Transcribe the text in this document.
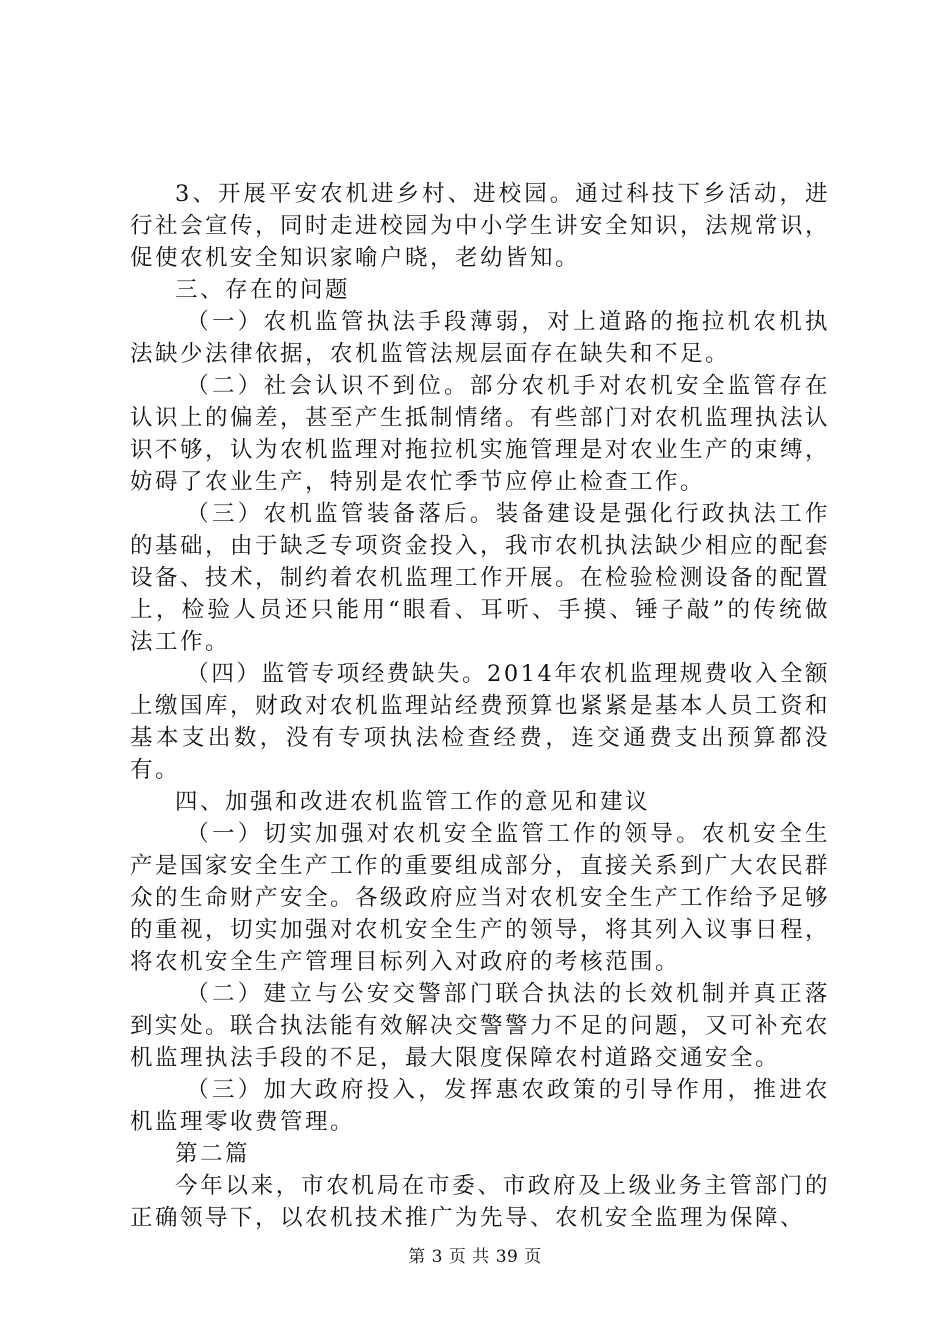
3、开展平安农机进乡村、进校园。通过科技下乡活动，进行社会宣传，同时走进校园为中小学生讲安全知识，法规常识，促使农机安全知识家喻户晓，老幼皆知。

三、存在的问题

（一）农机监管执法手段薄弱，对上道路的拖拉机农机执法缺少法律依据，农机监管法规层面存在缺失和不足。

（二）社会认识不到位。部分农机手对农机安全监管存在认识上的偏差，甚至产生抵制情绪。有些部门对农机监理执法认识不够，认为农机监理对拖拉机实施管理是对农业生产的束缚，妨碍了农业生产，特别是农忙季节应停止检查工作。

（三）农机监管装备落后。装备建设是强化行政执法工作的基础，由于缺乏专项资金投入，我市农机执法缺少相应的配套设备、技术，制约着农机监理工作开展。在检验检测设备的配置上，检验人员还只能用“眼看、耳听、手摸、锤子敲”的传统做法工作。

（四）监管专项经费缺失。2014年农机监理规费收入全额上缴国库，财政对农机监理站经费预算也紧紧是基本人员工资和基本支出数，没有专项执法检查经费，连交通费支出预算都没有。

四、加强和改进农机监管工作的意见和建议

（一）切实加强对农机安全监管工作的领导。农机安全生产是国家安全生产工作的重要组成部分，直接关系到广大农民群众的生命财产安全。各级政府应当对农机安全生产工作给予足够的重视，切实加强对农机安全生产的领导，将其列入议事日程，将农机安全生产管理目标列入对政府的考核范围。

（二）建立与公安交警部门联合执法的长效机制并真正落到实处。联合执法能有效解决交警警力不足的问题，又可补充农机监理执法手段的不足，最大限度保障农村道路交通安全。

（三）加大政府投入，发挥惠农政策的引导作用，推进农机监理零收费管理。

第二篇

今年以来，市农机局在市委、市政府及上级业务主管部门的正确领导下，以农机技术推广为先导、农机安全监理为保障、

第 3 页 共 39 页
